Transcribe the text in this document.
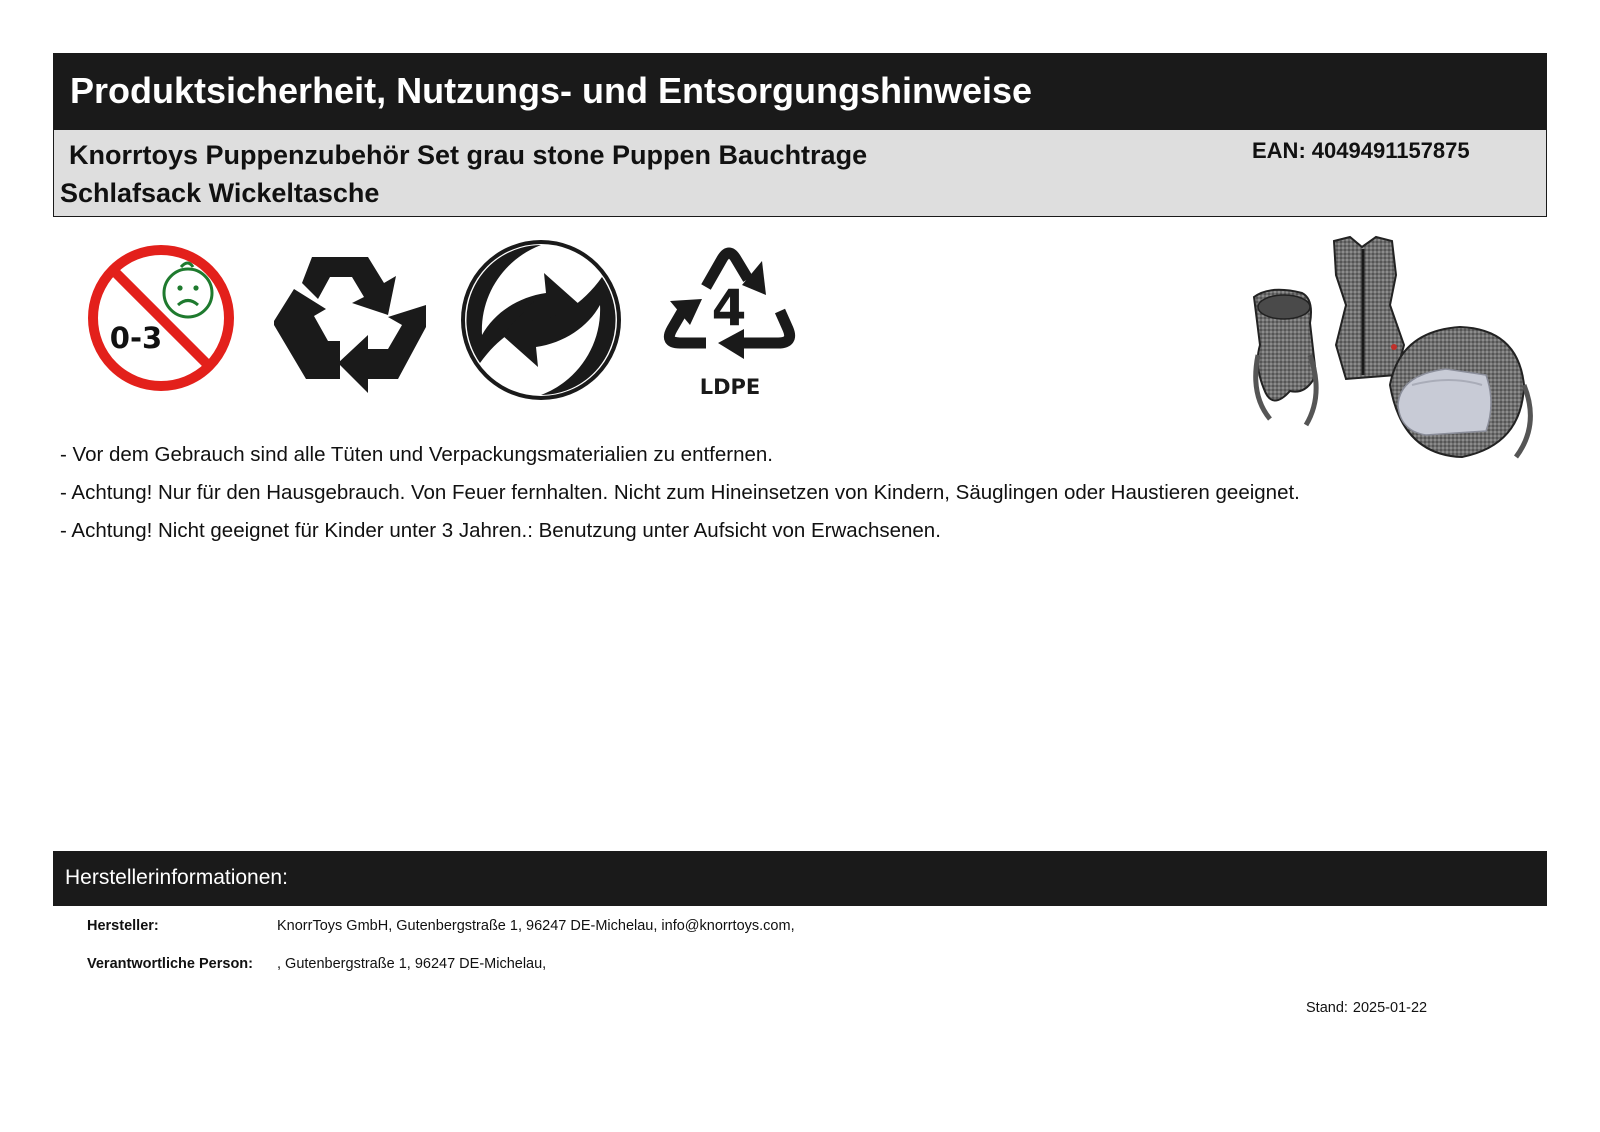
Produktsicherheit, Nutzungs- und Entsorgungshinweise
Knorrtoys Puppenzubehör Set grau stone Puppen Bauchtrage
Schlafsack Wickeltasche
EAN: 4049491157875
0-3
4
LDPE
- Vor dem Gebrauch sind alle Tüten und Verpackungsmaterialien zu entfernen.
- Achtung! Nur für den Hausgebrauch. Von Feuer fernhalten. Nicht zum Hineinsetzen von Kindern, Säuglingen oder Haustieren geeignet.
- Achtung! Nicht geeignet für Kinder unter 3 Jahren.: Benutzung unter Aufsicht von Erwachsenen.
Herstellerinformationen:
Hersteller:	KnorrToys GmbH, Gutenbergstraße 1, 96247 DE-Michelau, info@knorrtoys.com,
Verantwortliche Person: , Gutenbergstraße 1, 96247 DE-Michelau,
Stand: 2025-01-22
